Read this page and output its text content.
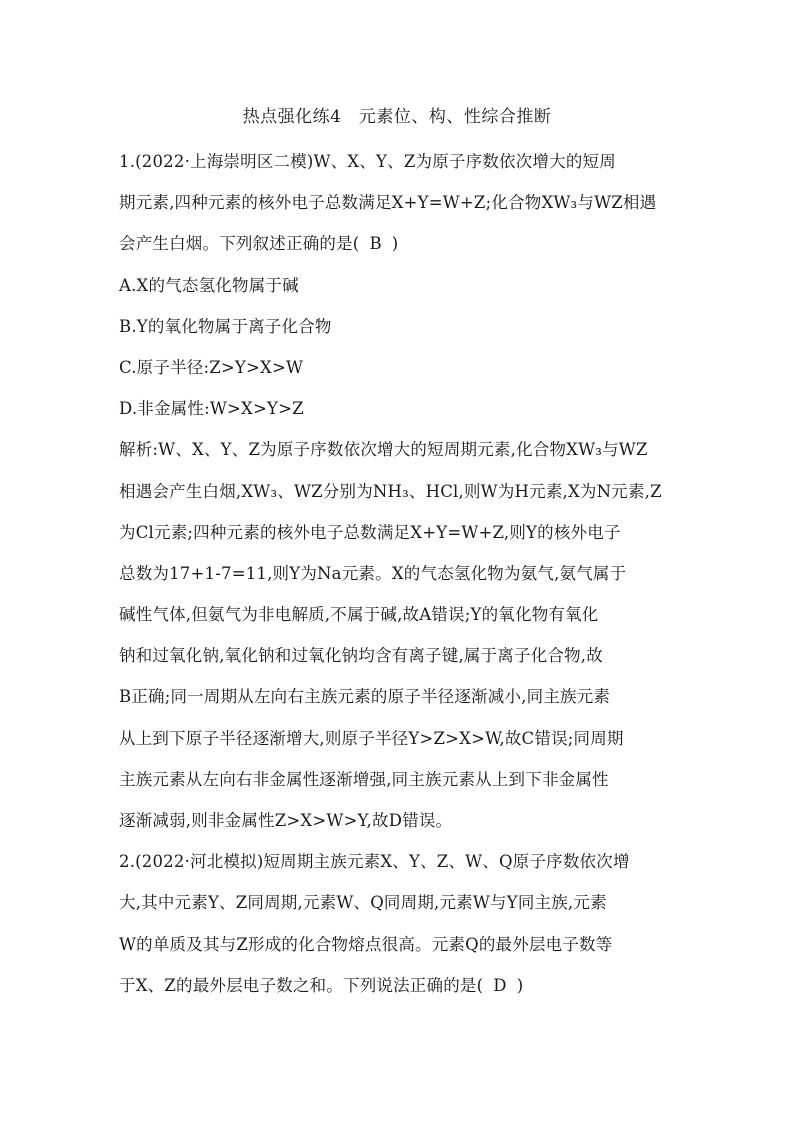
热点强化练4　元素位、构、性综合推断
1.(2022·上海崇明区二模)W、X、Y、Z为原子序数依次增大的短周
期元素,四种元素的核外电子总数满足X+Y=W+Z;化合物XW₃与WZ相遇
会产生白烟。下列叙述正确的是( B )
A.X的气态氢化物属于碱
B.Y的氧化物属于离子化合物
C.原子半径:Z>Y>X>W
D.非金属性:W>X>Y>Z
解析:W、X、Y、Z为原子序数依次增大的短周期元素,化合物XW₃与WZ
相遇会产生白烟,XW₃、WZ分别为NH₃、HCl,则W为H元素,X为N元素,Z
为Cl元素;四种元素的核外电子总数满足X+Y=W+Z,则Y的核外电子
总数为17+1-7=11,则Y为Na元素。X的气态氢化物为氨气,氨气属于
碱性气体,但氨气为非电解质,不属于碱,故A错误;Y的氧化物有氧化
钠和过氧化钠,氧化钠和过氧化钠均含有离子键,属于离子化合物,故
B正确;同一周期从左向右主族元素的原子半径逐渐减小,同主族元素
从上到下原子半径逐渐增大,则原子半径Y>Z>X>W,故C错误;同周期
主族元素从左向右非金属性逐渐增强,同主族元素从上到下非金属性
逐渐减弱,则非金属性Z>X>W>Y,故D错误。
2.(2022·河北模拟)短周期主族元素X、Y、Z、W、Q原子序数依次增
大,其中元素Y、Z同周期,元素W、Q同周期,元素W与Y同主族,元素
W的单质及其与Z形成的化合物熔点很高。元素Q的最外层电子数等
于X、Z的最外层电子数之和。下列说法正确的是( D )
